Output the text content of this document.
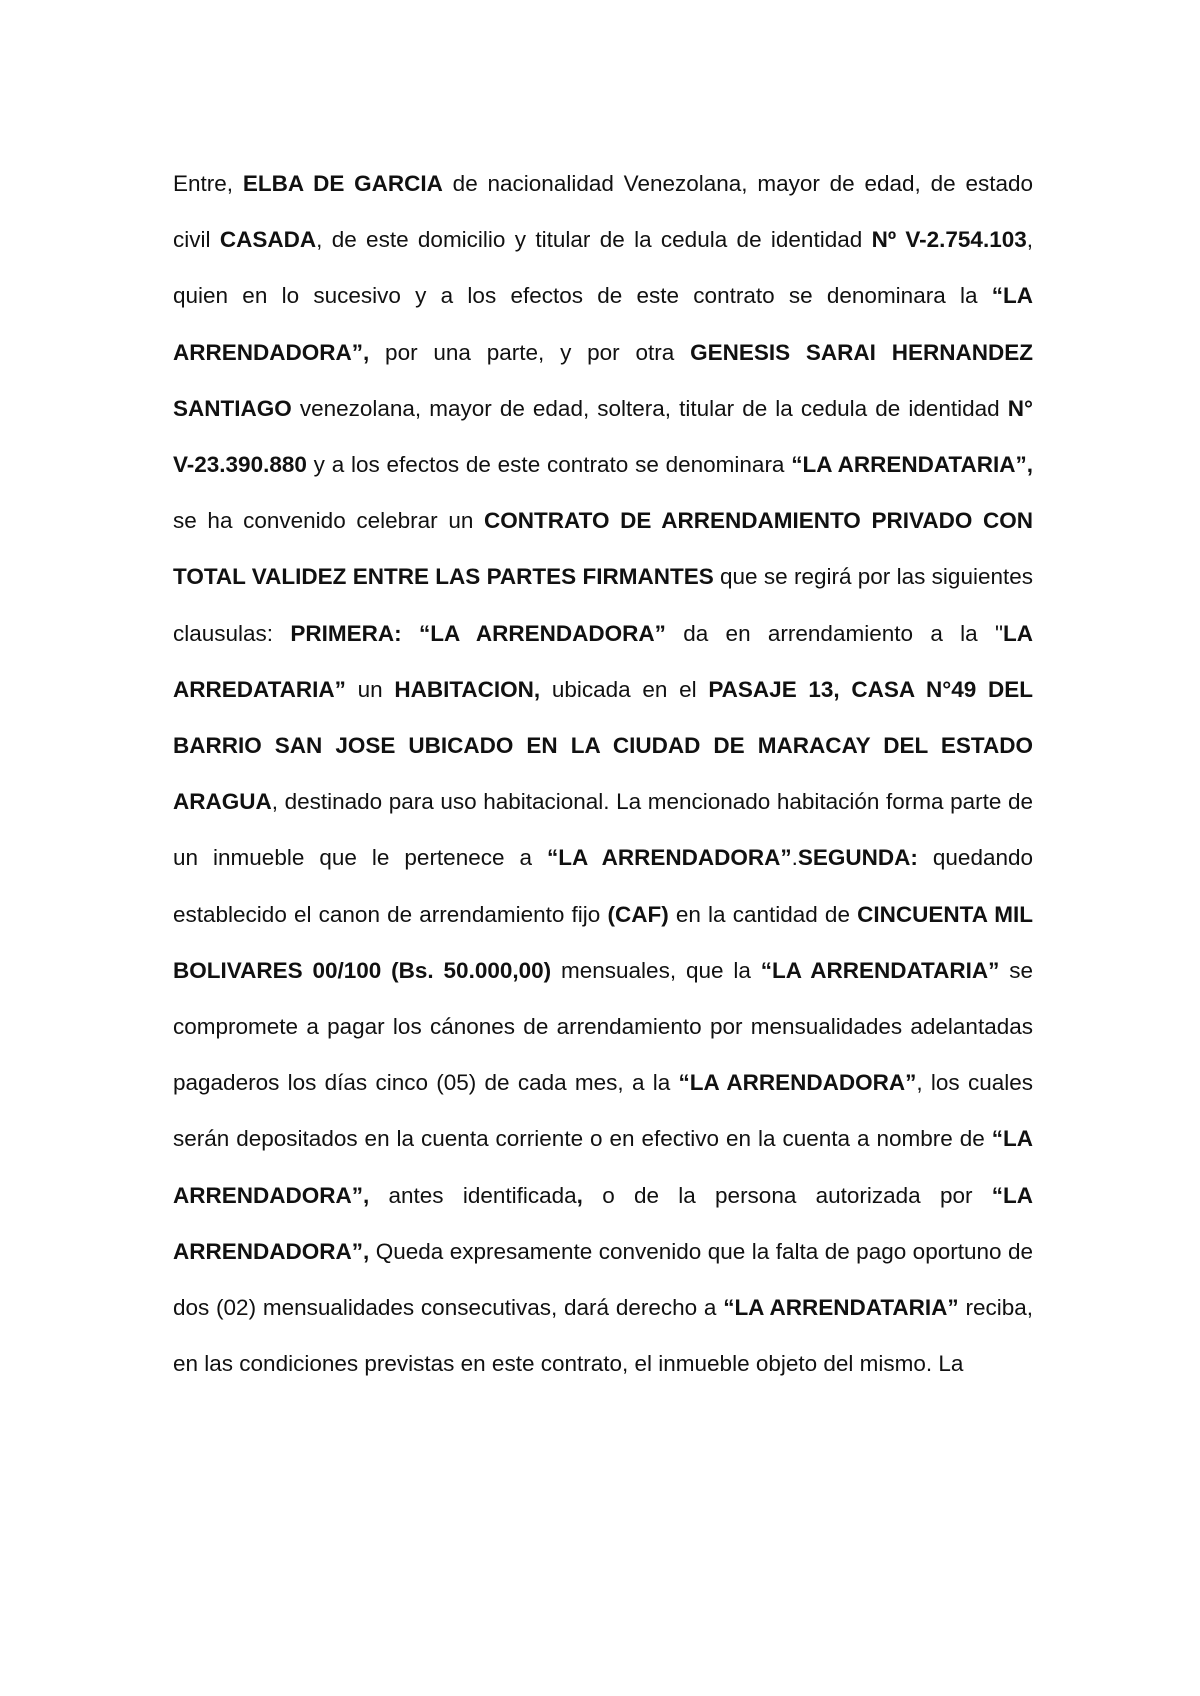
Entre, ELBA DE GARCIA de nacionalidad Venezolana, mayor de edad, de estado civil CASADA, de este domicilio y titular de la cedula de identidad Nº V-2.754.103, quien en lo sucesivo y a los efectos de este contrato se denominara la “LA ARRENDADORA”, por una parte, y por otra GENESIS SARAI HERNANDEZ SANTIAGO venezolana, mayor de edad, soltera, titular de la cedula de identidad N° V-23.390.880 y a los efectos de este contrato se denominara “LA ARRENDATARIA”, se ha convenido celebrar un CONTRATO DE ARRENDAMIENTO PRIVADO CON TOTAL VALIDEZ ENTRE LAS PARTES FIRMANTES que se regirá por las siguientes clausulas: PRIMERA: “LA ARRENDADORA” da en arrendamiento a la "LA ARREDATARIA” un HABITACION, ubicada en el PASAJE 13, CASA N°49 DEL BARRIO SAN JOSE UBICADO EN LA CIUDAD DE MARACAY DEL ESTADO ARAGUA, destinado para uso habitacional. La mencionado habitación forma parte de un inmueble que le pertenece a “LA ARRENDADORA”.SEGUNDA: quedando establecido el canon de arrendamiento fijo (CAF) en la cantidad de CINCUENTA MIL BOLIVARES 00/100 (Bs. 50.000,00) mensuales, que la “LA ARRENDATARIA” se compromete a pagar los cánones de arrendamiento por mensualidades adelantadas pagaderos los días cinco (05) de cada mes, a la “LA ARRENDADORA”, los cuales serán depositados en la cuenta corriente o en efectivo en la cuenta a nombre de “LA ARRENDADORA”, antes identificada, o de la persona autorizada por “LA ARRENDADORA”, Queda expresamente convenido que la falta de pago oportuno de dos (02) mensualidades consecutivas, dará derecho a “LA ARRENDATARIA” reciba, en las condiciones previstas en este contrato, el inmueble objeto del mismo. La
